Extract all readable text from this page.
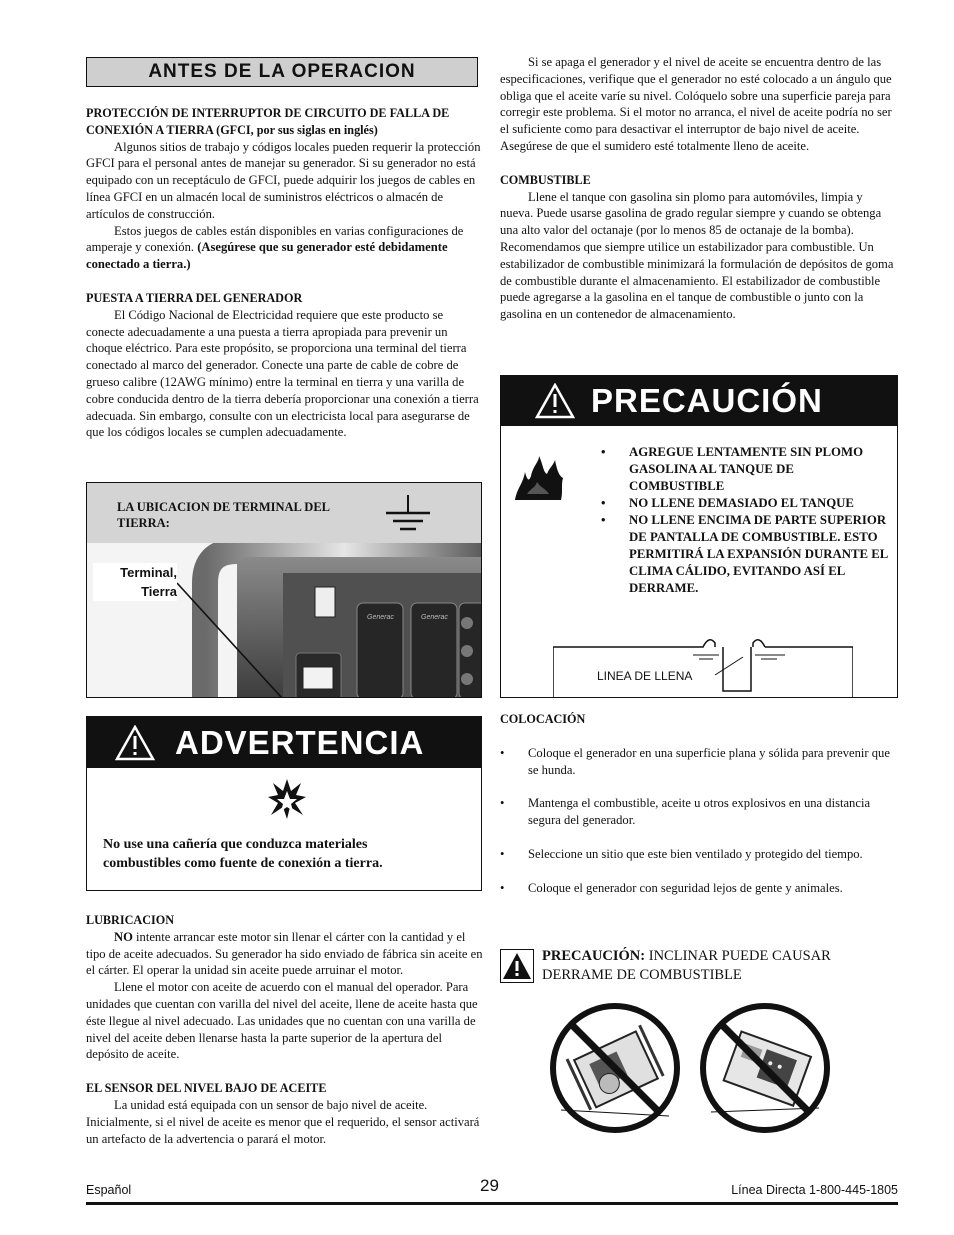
ANTES DE LA OPERACION

PROTECCIÓN DE INTERRUPTOR DE CIRCUITO DE FALLA DE CONEXIÓN A TIERRA (GFCI, por sus siglas en inglés)

Algunos sitios de trabajo y códigos locales pueden requerir la protección GFCI para el personal antes de manejar su generador. Si su generador no está equipado con un receptáculo de GFCI, puede adquirir los juegos de cables en línea GFCI en un almacén local de suministros eléctricos o almacén de artículos de construcción.

Estos juegos de cables están disponibles en varias configuraciones de amperaje y conexión. (Asegúrese que su generador esté debidamente conectado a tierra.)

PUESTA A TIERRA DEL GENERADOR

El Código Nacional de Electricidad requiere que este producto se conecte adecuadamente a una puesta a tierra apropiada para prevenir un choque eléctrico. Para este propósito, se proporciona una terminal del tierra conectado al marco del generador. Conecte una parte de cable de cobre de grueso calibre (12AWG mínimo) entre la terminal en tierra y una varilla de cobre conducida dentro de la tierra debería proporcionar una conexión a tierra adecuada. Sin embargo, consulte con un electricista local para asegurarse de que los códigos locales se cumplen adecuadamente.

LA UBICACION DE TERMINAL DEL TIERRA:
Generac	Generac
Terminal, Tierra
ADVERTENCIA
No use una cañería que conduzca materiales combustibles como fuente de conexión a tierra.

LUBRICACION

NO intente arrancar este motor sin llenar el cárter con la cantidad y el tipo de aceite adecuados. Su generador ha sido enviado de fábrica sin aceite en el cárter. El operar la unidad sin aceite puede arruinar el motor.

Llene el motor con aceite de acuerdo con el manual del operador. Para unidades que cuentan con varilla del nivel del aceite, llene de aceite hasta que éste llegue al nivel adecuado. Las unidades que no cuentan con una varilla de nivel del aceite deben llenarse hasta la parte superior de la apertura del depósito de aceite.

EL SENSOR DEL NIVEL BAJO DE ACEITE

La unidad está equipada con un sensor de bajo nivel de aceite. Inicialmente, si el nivel de aceite es menor que el requerido, el sensor activará un artefacto de la advertencia o parará el motor.

Si se apaga el generador y el nivel de aceite se encuentra dentro de las especificaciones, verifique que el generador no esté colocado a un ángulo que obliga que el aceite varíe su nivel. Colóquelo sobre una superficie pareja para corregir este problema. Si el motor no arranca, el nivel de aceite podría no ser el suficiente como para desactivar el interruptor de bajo nivel de aceite. Asegúrese de que el sumidero esté totalmente lleno de aceite.

COMBUSTIBLE

Llene el tanque con gasolina sin plomo para automóviles, limpia y nueva. Puede usarse gasolina de grado regular siempre y cuando se obtenga una alto valor del octanaje (por lo menos 85 de octanaje de la bomba). Recomendamos que siempre utilice un estabilizador para combustible. Un estabilizador de combustible minimizará la formulación de depósitos de goma de combustible durante el almacenamiento. El estabilizador de combustible puede agregarse a la gasolina en el tanque de combustible o junto con la gasolina en un contenedor de almacenamiento.

PRECAUCIÓN
• AGREGUE LENTAMENTE SIN PLOMO GASOLINA AL TANQUE DE COMBUSTIBLE
• NO LLENE DEMASIADO EL TANQUE
• NO LLENE ENCIMA DE PARTE SUPERIOR DE PANTALLA DE COMBUSTIBLE. ESTO PERMITIRÁ LA EXPANSIÓN DURANTE EL CLIMA CÁLIDO, EVITANDO ASÍ EL DERRAME.
LINEA DE LLENA

COLOCACIÓN

• Coloque el generador en una superficie plana y sólida para prevenir que se hunda.
• Mantenga el combustible, aceite u otros explosivos en una distancia segura del generador.
• Seleccione un sitio que este bien ventilado y protegido del tiempo.
• Coloque el generador con seguridad lejos de gente y animales.
PRECAUCIÓN: INCLINAR PUEDE CAUSAR DERRAME DE COMBUSTIBLE
Español	29	Línea Directa 1-800-445-1805
